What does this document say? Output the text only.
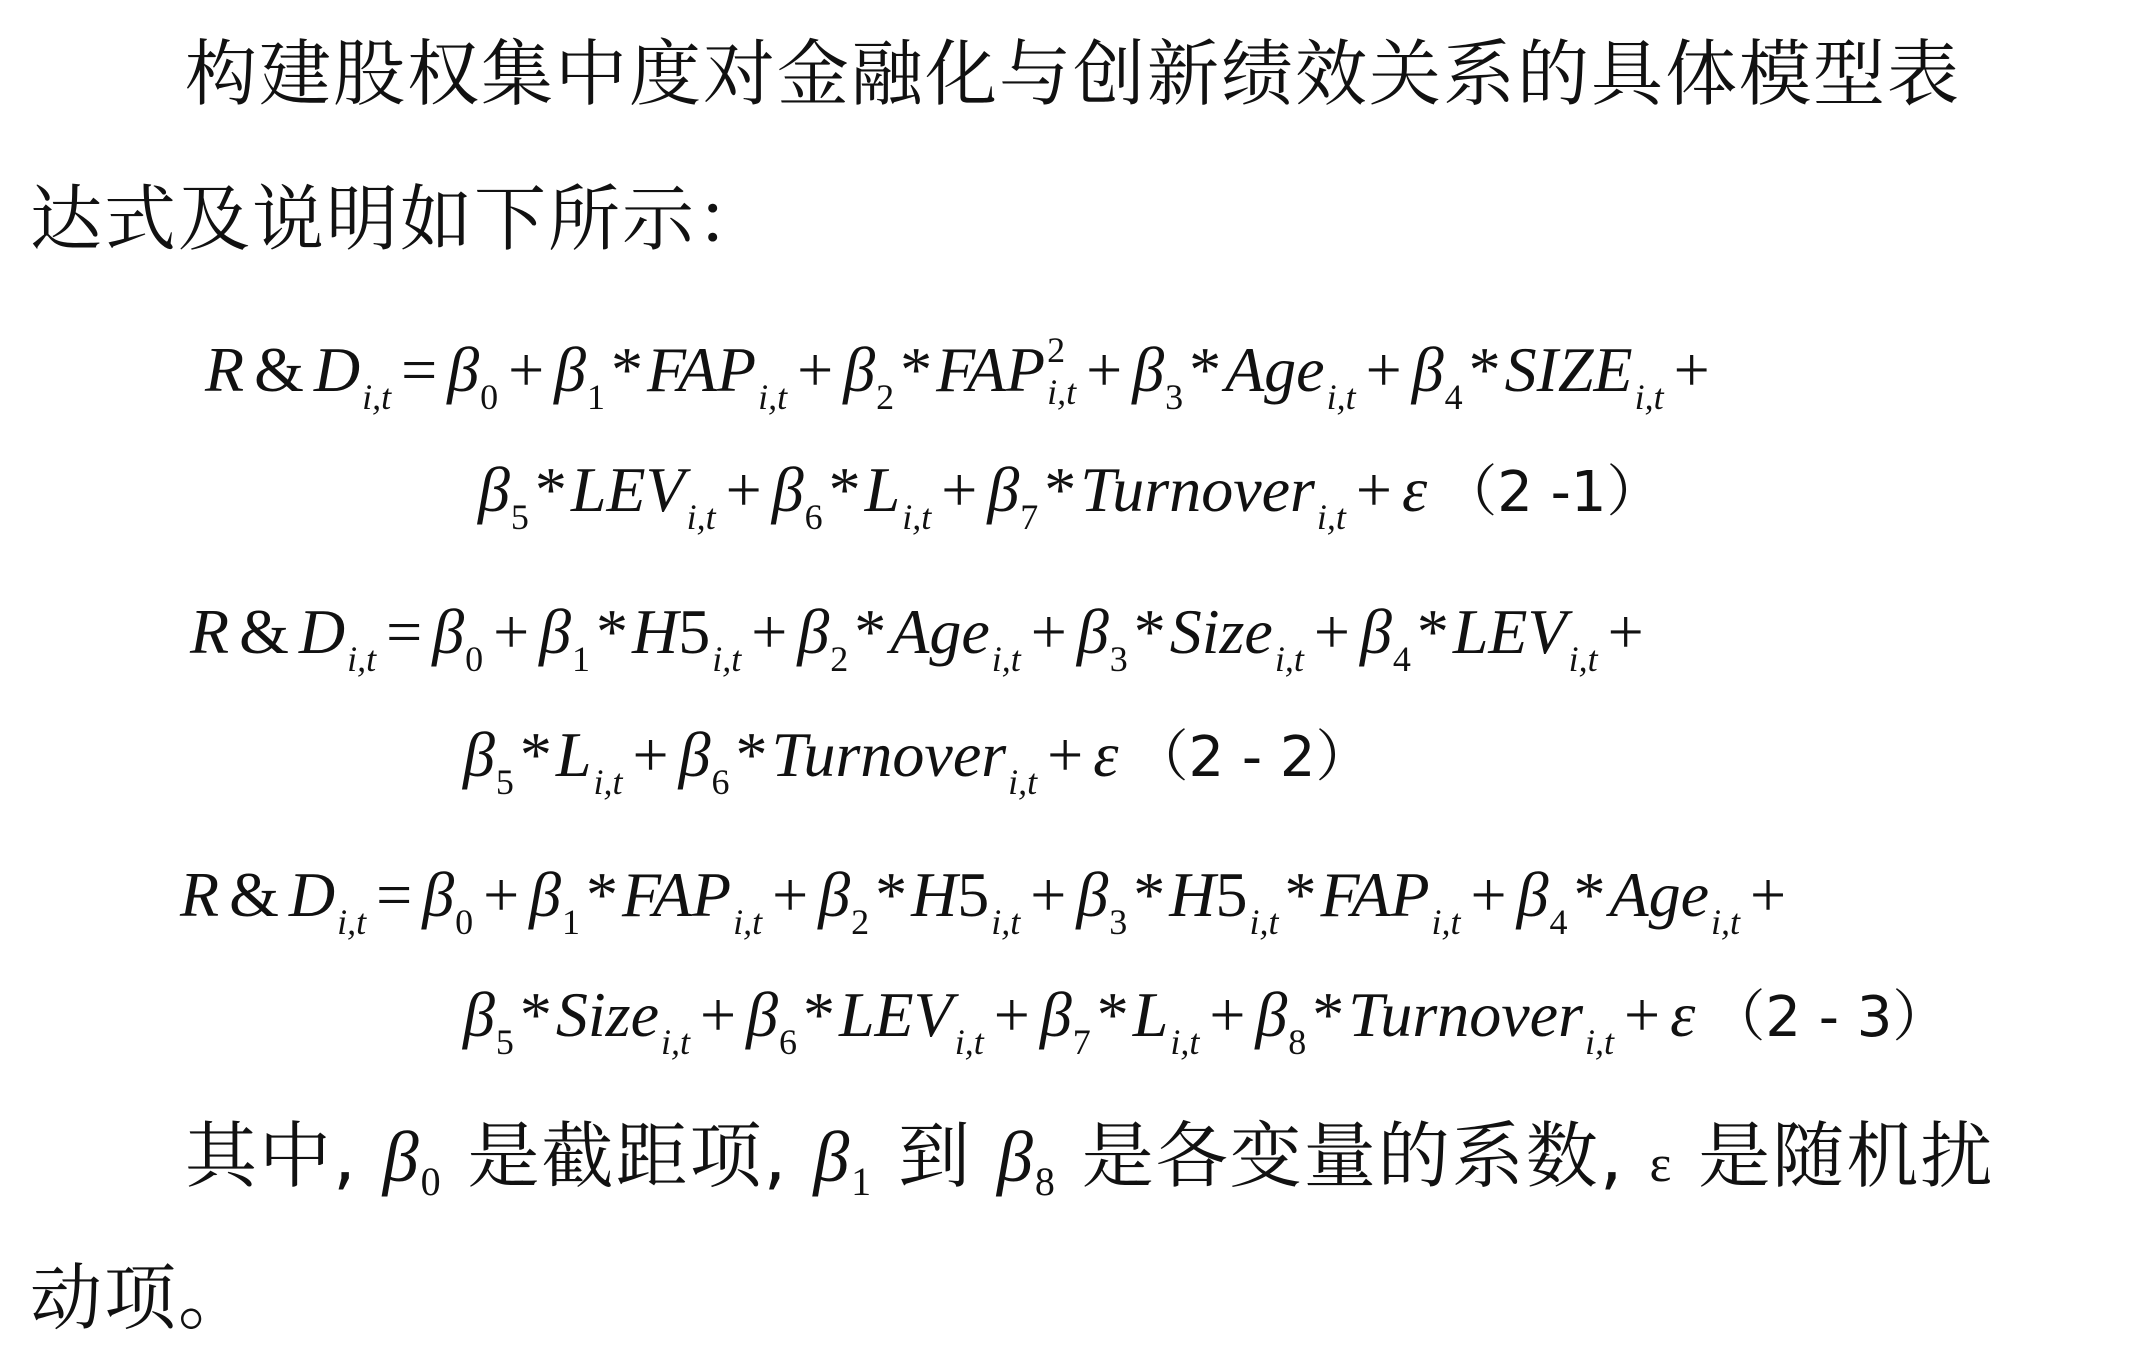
构建股权集中度对金融化与创新绩效关系的具体模型表
达式及说明如下所示：
R & $D_{i,t} = \beta_0 + \beta_1*FAP_{i,t} + \beta_2*FAP$ 2
$i,t + \beta_3*Age_{i,t}$ + $\beta_4*SIZE_{i,t}$ +
$\beta_5*LEV_{i,t} + \beta_6*L_{i,t}$ + $\beta_7*Turnover_{i,t} + \varepsilon$ （2 -1）
R & $D_{i,t} = \beta_0 + \beta_1*H5_{i,t} + \beta_2*Age_{i,t}$ + $\beta_3*Size_{i,t} + \beta_4*LEV_{i,t}$ +
$\beta_5*L_{i,t}$ + $\beta_6*Turnover_{i,t} + \varepsilon$ （2 - 2）
R & $D_{i,t} = \beta_0 + \beta_1*FAP_{i,t} + \beta_2*H5_{i,t} + \beta_3*H5_{i,t}*FAP_{i,t} + \beta_4*Age_{i,t}$ +
$\beta_5*Size_{i,t} + \beta_6*LEV_{i,t} + \beta_7*L_{i,t}$ + $\beta_8*Turnover_{i,t} + \varepsilon$ （2 - 3）
其中, β0 是截距项, β1 到 β8 是各变量的系数, ε 是随机扰
动项。
